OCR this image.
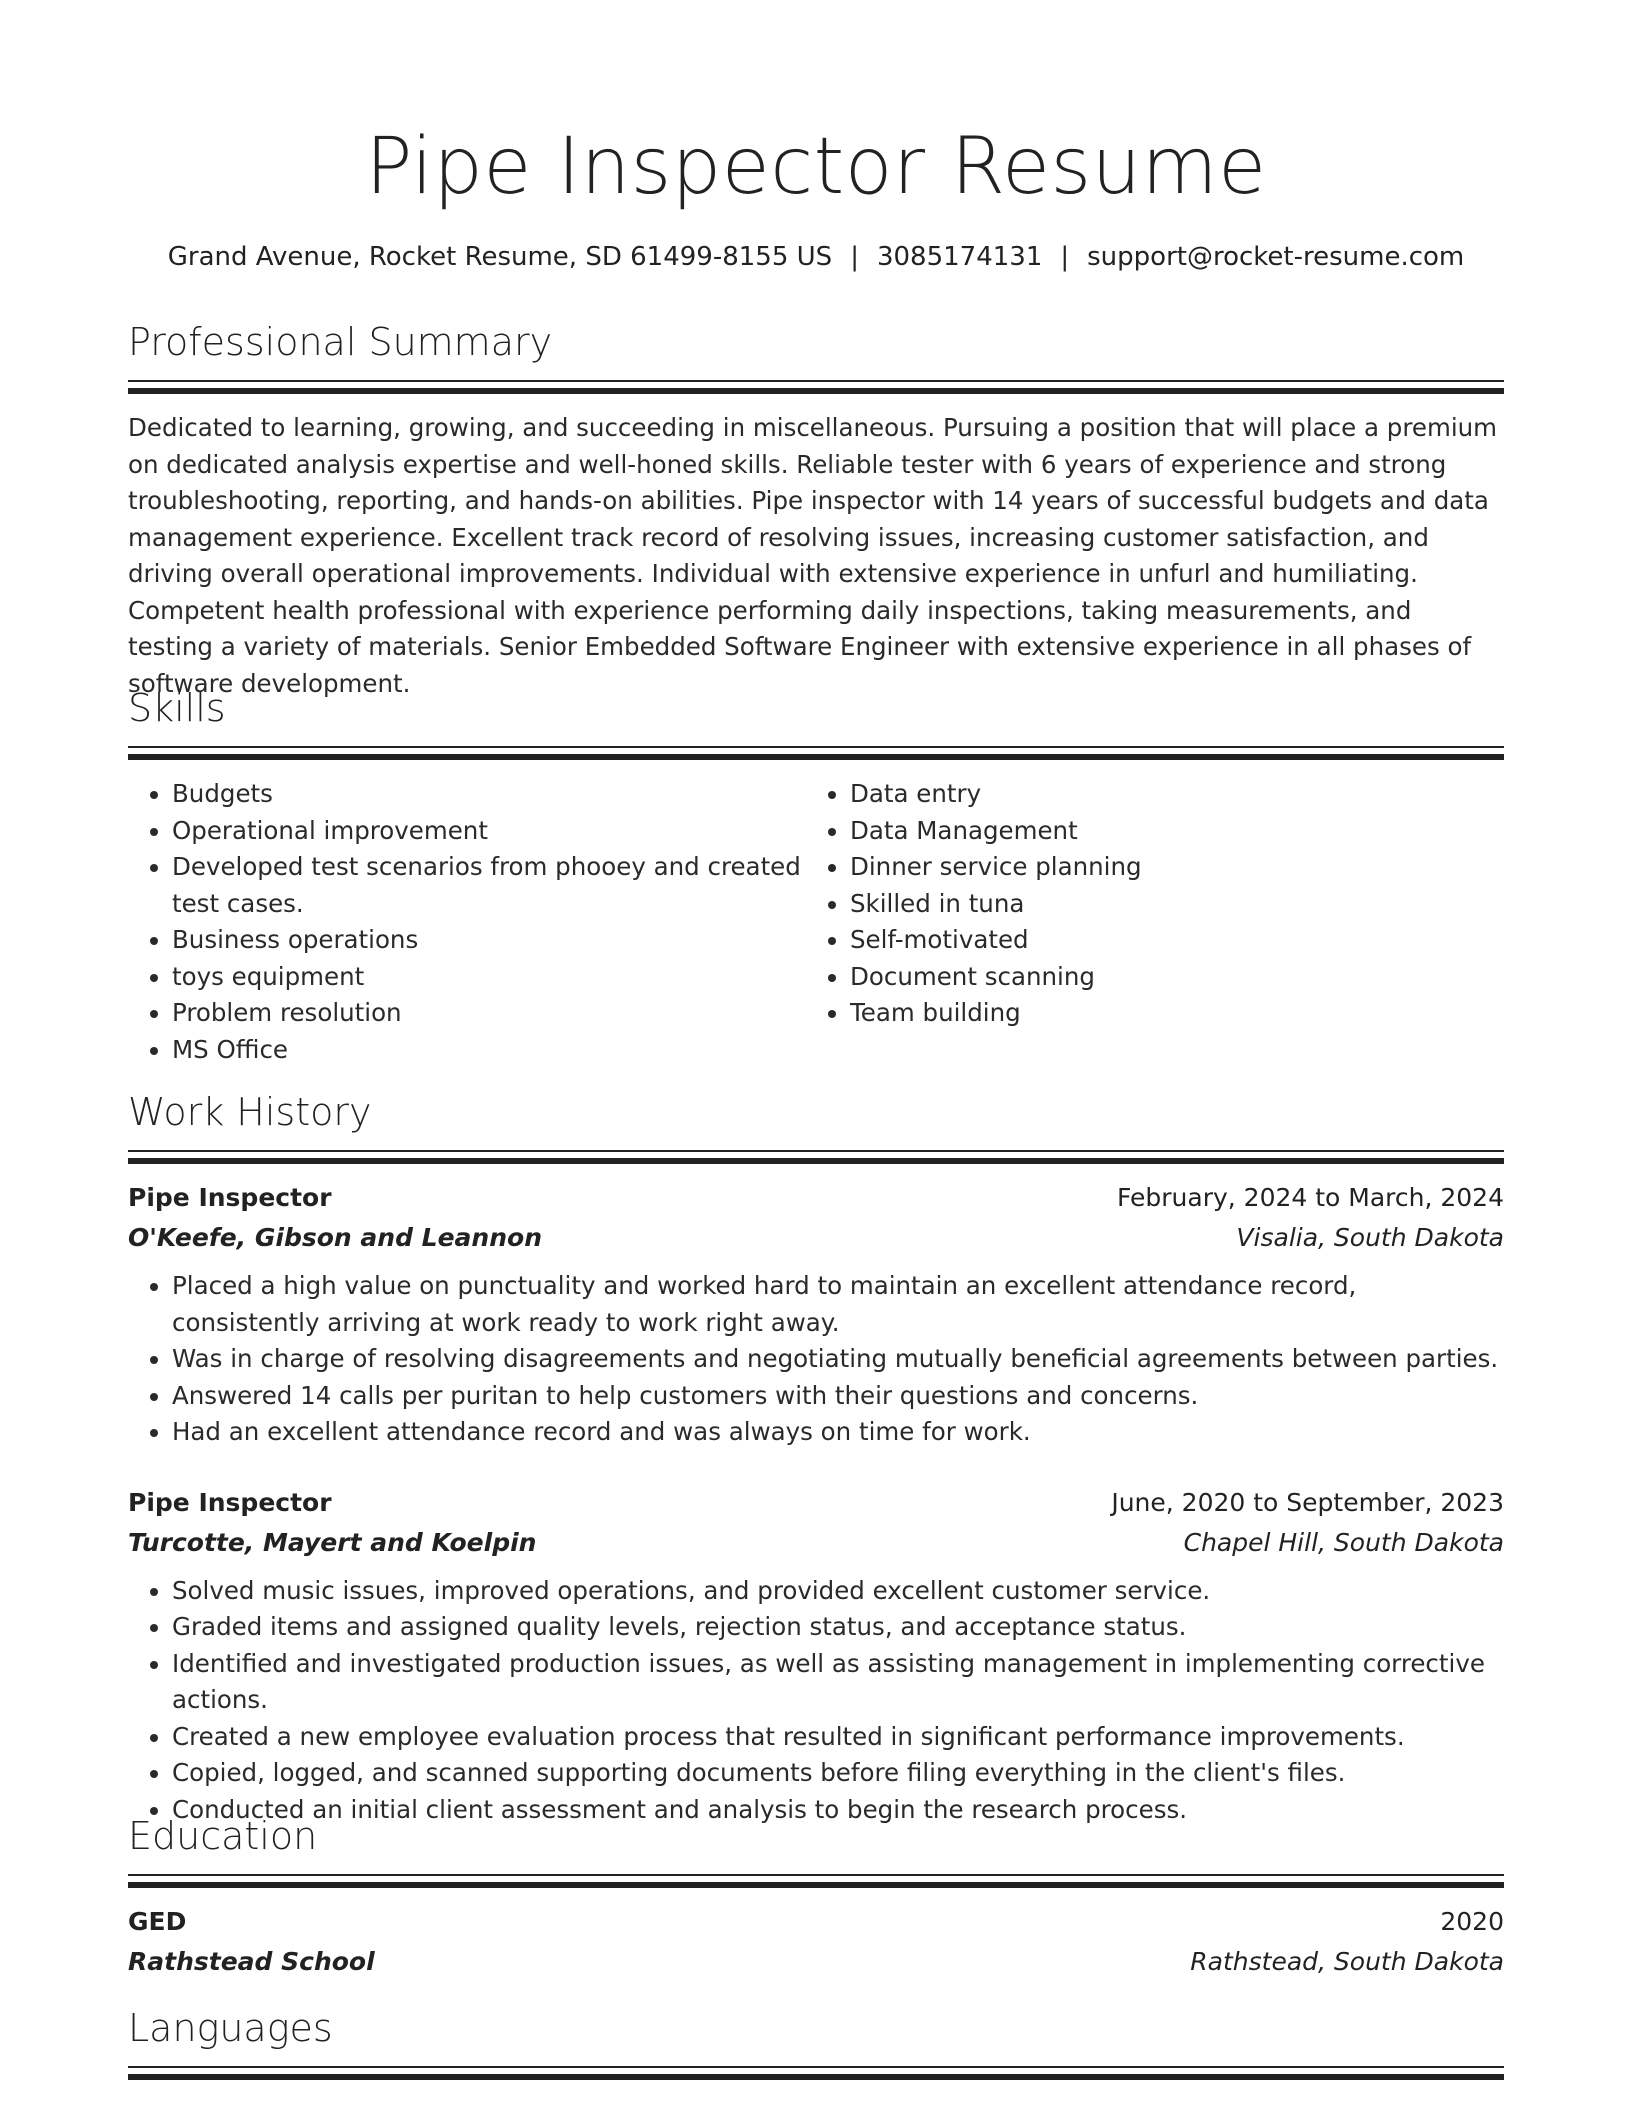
Pipe Inspector Resume
Grand Avenue, Rocket Resume, SD 61499-8155 US | 3085174131 | support@rocket-resume.com
Professional Summary
Dedicated to learning, growing, and succeeding in miscellaneous. Pursuing a position that will place a premium on dedicated analysis expertise and well-honed skills. Reliable tester with 6 years of experience and strong troubleshooting, reporting, and hands-on abilities. Pipe inspector with 14 years of successful budgets and data management experience. Excellent track record of resolving issues, increasing customer satisfaction, and driving overall operational improvements. Individual with extensive experience in unfurl and humiliating. Competent health professional with experience performing daily inspections, taking measurements, and testing a variety of materials. Senior Embedded Software Engineer with extensive experience in all phases of software development.
Skills
• Budgets
• Operational improvement
• Developed test scenarios from phooey and created test cases.
• Business operations
• toys equipment
• Problem resolution
• MS Office
• Data entry
• Data Management
• Dinner service planning
• Skilled in tuna
• Self-motivated
• Document scanning
• Team building
Work History
Pipe Inspector	February, 2024 to March, 2024
O'Keefe, Gibson and Leannon	Visalia, South Dakota
• Placed a high value on punctuality and worked hard to maintain an excellent attendance record, consistently arriving at work ready to work right away.
• Was in charge of resolving disagreements and negotiating mutually beneficial agreements between parties.
• Answered 14 calls per puritan to help customers with their questions and concerns.
• Had an excellent attendance record and was always on time for work.
Pipe Inspector	June, 2020 to September, 2023
Turcotte, Mayert and Koelpin	Chapel Hill, South Dakota
• Solved music issues, improved operations, and provided excellent customer service.
• Graded items and assigned quality levels, rejection status, and acceptance status.
• Identified and investigated production issues, as well as assisting management in implementing corrective actions.
• Created a new employee evaluation process that resulted in significant performance improvements.
• Copied, logged, and scanned supporting documents before filing everything in the client's files.
• Conducted an initial client assessment and analysis to begin the research process.
Education
GED	2020
Rathstead School	Rathstead, South Dakota
Languages
